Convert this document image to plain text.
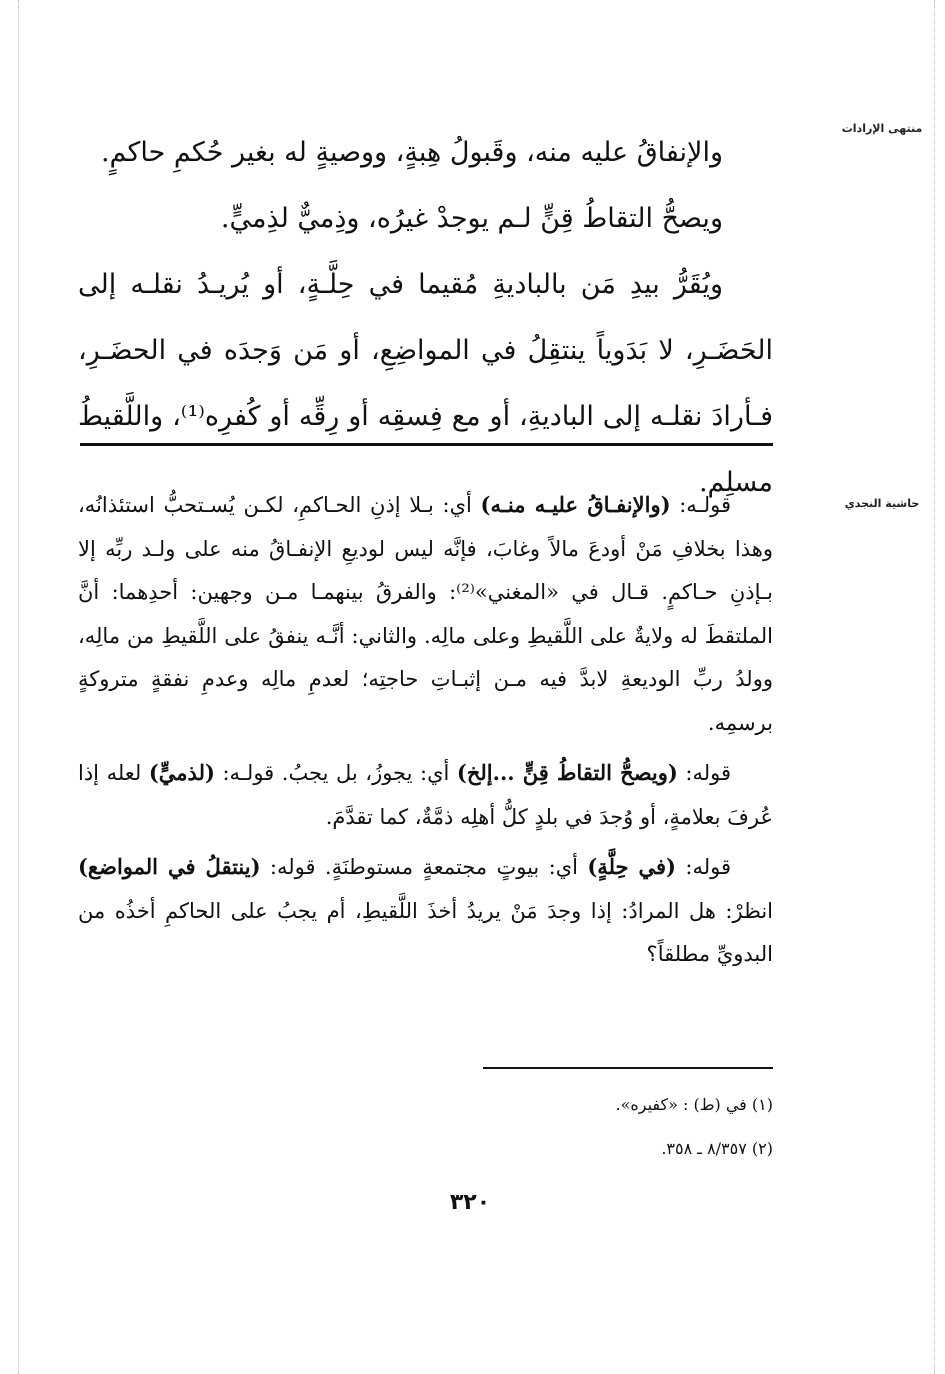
منتهى الإرادات
حاشية النجدي

والإنفاقُ عليه منه، وقَبولُ هِبةٍ، ووصيةٍ له بغير حُكمِ حاكمٍ.

ويصحُّ التقاطُ قِنٍّ لـم يوجدْ غيرُه، وذِميٌّ لذِميٍّ.

ويُقَرُّ بيدِ مَن بالباديةِ مُقيما في حِلَّـةٍ، أو يُريـدُ نقلـه إلى الحَضَـرِ، لا بَدَوياً ينتقِلُ في المواضِعِ، أو مَن وَجدَه في الحضَـرِ، فـأرادَ نقلـه إلى الباديةِ، أو مع فِسقِه أو رِقِّه أو كُفرِه⁽¹⁾، واللَّقيطُ مسلِم.

قولـه: (والإنفـاقُ عليـه منـه) أي: بـلا إذنِ الحـاكمِ، لكـن يُسـتحبُّ استئذانُه، وهذا بخلافِ مَنْ أودعَ مالاً وغابَ، فإنَّه ليس لوديعِ الإنفـاقُ منه على ولـد ربِّه إلا بـإذنِ حـاكمٍ. قـال في «المغني»⁽²⁾: والفرقُ بينهمـا مـن وجهين: أحدِهما: أنَّ الملتقطَ له ولايةٌ على اللَّقيطِ وعلى مالِه. والثاني: أنَّـه ينفقُ على اللَّقيطِ من مالِه، وولدُ ربِّ الوديعةِ لابدَّ فيه مـن إثبـاتِ حاجتِه؛ لعدمِ مالِه وعدمِ نفقةٍ متروكةٍ برسمِه.

قوله: (ويصحُّ التقاطُ قِنٍّ ...إلخ) أي: يجوزُ، بل يجبُ. قولـه: (لذميٍّ) لعله إذا عُرفَ بعلامةٍ، أو وُجدَ في بلدٍ كلُّ أهلِه ذمَّةٌ، كما تقدَّمَ.

قوله: (في حِلَّةٍ) أي: بيوتٍ مجتمعةٍ مستوطنَةٍ. قوله: (ينتقلُ في المواضع) انظرْ: هل المرادُ: إذا وجدَ مَنْ يريدُ أخذَ اللَّقيطِ، أم يجبُ على الحاكمِ أخذُه من البدويِّ مطلقاً؟

(١) في (ط) : «كفيره».
(٢) ٨/٣٥٧ ـ ٣٥٨.
٣٢٠
